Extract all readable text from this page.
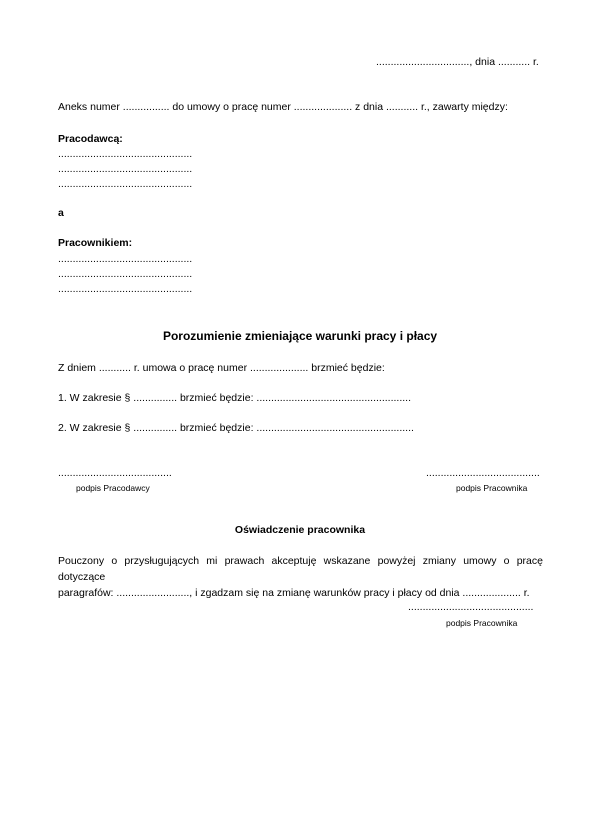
................................, dnia ........... r.
Aneks numer ................ do umowy o pracę numer .................... z dnia ........... r., zawarty między:
Pracodawcą:
..............................................
..............................................
..............................................
a
Pracownikiem:
..............................................
..............................................
..............................................
Porozumienie zmieniające warunki pracy i płacy
Z dniem ........... r. umowa o pracę numer .................... brzmieć będzie:
1. W zakresie § ............... brzmieć będzie: .....................................................
2. W zakresie § ............... brzmieć będzie: ......................................................
.......................................
podpis Pracodawcy
.......................................
podpis Pracownika
Oświadczenie pracownika
Pouczony o przysługujących mi prawach akceptuję wskazane powyżej zmiany umowy o pracę dotyczące
paragrafów: ........................., i zgadzam się na zmianę warunków pracy i płacy od dnia .................... r.
...........................................
podpis Pracownika
